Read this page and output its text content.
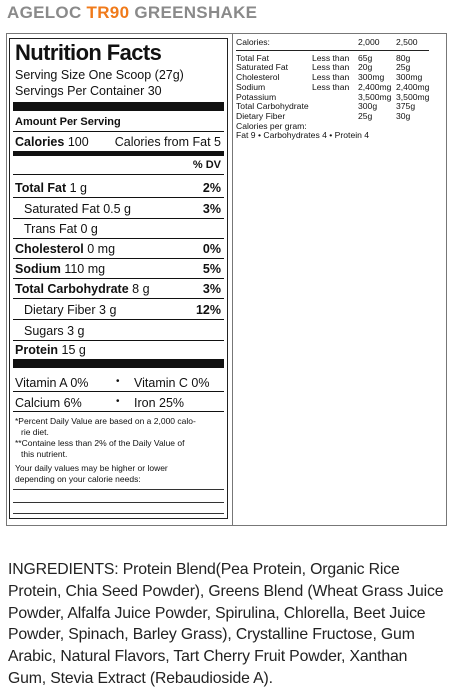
AGELOC TR90 GREENSHAKE
Nutrition Facts
Serving Size One Scoop (27g)
Servings Per Container 30
Amount Per Serving
Calories 100 Calories from Fat 5
% DV
Total Fat 1 g	2%
Saturated Fat 0.5 g	3%
Trans Fat 0 g
Cholesterol 0 mg	0%
Sodium 110 mg	5%
Total Carbohydrate 8 g	3%
Dietary Fiber 3 g	12%
Sugars 3 g
Protein 15 g
Vitamin A 0%	• Vitamin C 0%
Calcium 6%	• Iron 25%
*Percent Daily Value are based on a 2,000 calo-
rie diet.
**Containe less than 2% of the Daily Value of
this nutrient.
Your daily values may be higher or lower
depending on your calorie needs:
Calories:		2,000	2,500

Total Fat	Less than	65g	80g
Saturated Fat	Less than	20g	25g
Cholesterol	Less than	300mg	300mg
Sodium	Less than	2,400mg	2,400mg
Potassium		3,500mg	3,500mg
Total Carbohydrate		300g	375g
Dietary Fiber		25g	30g
Calories per gram:
Fat 9 • Carbohydrates 4 • Protein 4
INGREDIENTS: Protein Blend(Pea Protein, Organic Rice Protein, Chia Seed Powder), Greens Blend (Wheat Grass Juice Powder, Alfalfa Juice Powder, Spirulina, Chlorella, Beet Juice Powder, Spinach, Barley Grass), Crystalline Fructose, Gum Arabic, Natural Flavors, Tart Cherry Fruit Powder, Xanthan Gum, Stevia Extract (Rebaudioside A).
